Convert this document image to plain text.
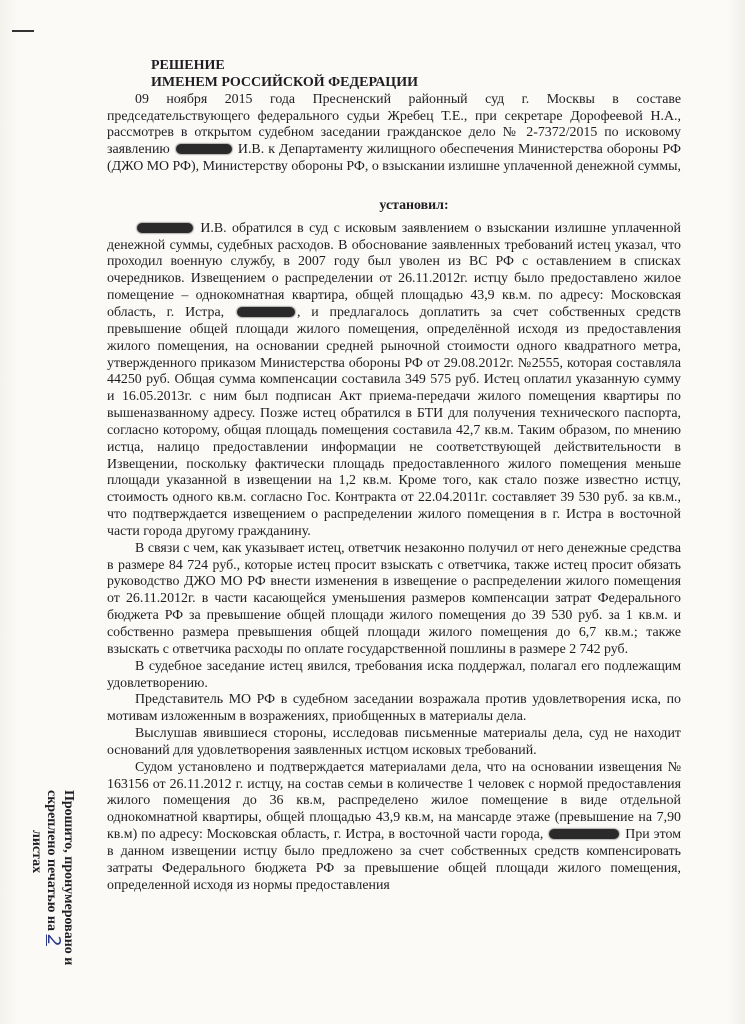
РЕШЕНИЕ

ИМЕНЕМ РОССИЙСКОЙ ФЕДЕРАЦИИ

09 ноября 2015 года Пресненский районный суд г. Москвы в составе председательствующего федерального судьи Жребец Т.Е., при секретаре Дорофеевой Н.А., рассмотрев в открытом судебном заседании гражданское дело № 2-7372/2015 по исковому заявлению	И.В. к Департаменту жилищного обеспечения Министерства обороны РФ (ДЖО МО РФ), Министерству обороны РФ, о взыскании излишне уплаченной денежной суммы,

установил:

И.В. обратился в суд с исковым заявлением о взыскании излишне уплаченной денежной суммы, судебных расходов. В обоснование заявленных требований истец указал, что проходил военную службу, в 2007 году был уволен из ВС РФ с оставлением в списках очередников. Извещением о распределении от 26.11.2012г. истцу было предоставлено жилое помещение – однокомнатная квартира, общей площадью 43,9 кв.м. по адресу: Московская область, г. Истра,	, и предлагалось доплатить за счет собственных средств превышение общей площади жилого помещения, определённой исходя из предоставления жилого помещения, на основании средней рыночной стоимости одного квадратного метра, утвержденного приказом Министерства обороны РФ от 29.08.2012г. №2555, которая составляла 44250 руб. Общая сумма компенсации составила 349 575 руб. Истец оплатил указанную сумму и 16.05.2013г. с ним был подписан Акт приема-передачи жилого помещения квартиры по вышеназванному адресу. Позже истец обратился в БТИ для получения технического паспорта, согласно которому, общая площадь помещения составила 42,7 кв.м. Таким образом, по мнению истца, налицо предоставлении информации не соответствующей действительности в Извещении, поскольку фактически площадь предоставленного жилого помещения меньше площади указанной в извещении на 1,2 кв.м. Кроме того, как стало позже известно истцу, стоимость одного кв.м. согласно Гос. Контракта от 22.04.2011г. составляет 39 530 руб. за кв.м., что подтверждается извещением о распределении жилого помещения в г. Истра в восточной части города другому гражданину.

В связи с чем, как указывает истец, ответчик незаконно получил от него денежные средства в размере 84 724 руб., которые истец просит взыскать с ответчика, также истец просит обязать руководство ДЖО МО РФ внести изменения в извещение о распределении жилого помещения от 26.11.2012г. в части касающейся уменьшения размеров компенсации затрат Федерального бюджета РФ за превышение общей площади жилого помещения до 39 530 руб. за 1 кв.м. и собственно размера превышения общей площади жилого помещения до 6,7 кв.м.; также взыскать с ответчика расходы по оплате государственной пошлины в размере 2 742 руб.

В судебное заседание истец явился, требования иска поддержал, полагал его подлежащим удовлетворению.

Представитель МО РФ в судебном заседании возражала против удовлетворения иска, по мотивам изложенным в возражениях, приобщенных в материалы дела.

Выслушав явившиеся стороны, исследовав письменные материалы дела, суд не находит оснований для удовлетворения заявленных истцом исковых требований.

Судом установлено и подтверждается материалами дела, что на основании извещения № 163156 от 26.11.2012 г. истцу, на состав семьи в количестве 1 человек с нормой предоставления жилого помещения до 36 кв.м, распределено жилое помещение в виде отдельной однокомнатной квартиры, общей площадью 43,9 кв.м, на мансарде этаже (превышение на 7,90 кв.м) по адресу: Московская область, г. Истра, в восточной части города,	При этом в данном извещении истцу было предложено за счет собственных средств компенсировать затраты Федерального бюджета РФ за превышение общей площади жилого помещения, определенной исходя из нормы предоставления

Прошито, пронумеровано и
скреплено печатью на 2
листах
